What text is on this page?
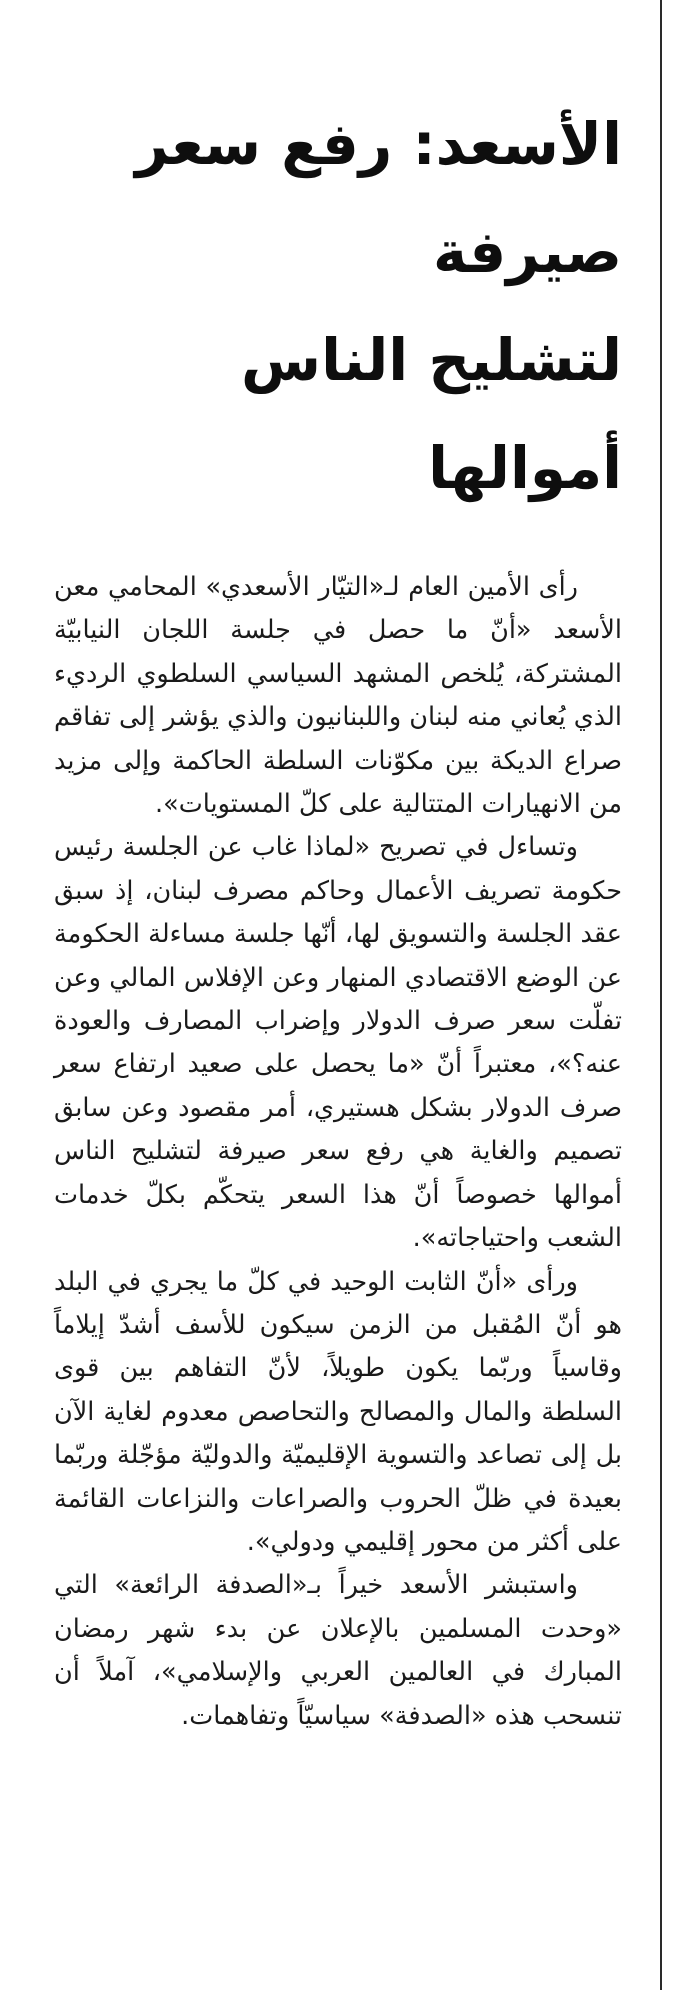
الأسعد: رفع سعر صيرفة
لتشليح الناس أموالها

رأى الأمين العام لـ«التيّار الأسعدي» المحامي معن الأسعد «أنّ ما حصل في جلسة اللجان النيابيّة المشتركة، يُلخص المشهد السياسي السلطوي الرديء الذي يُعاني منه لبنان واللبنانيون والذي يؤشر إلى تفاقم صراع الديكة بين مكوّنات السلطة الحاكمة وإلى مزيد من الانهيارات المتتالية على كلّ المستويات».

وتساءل في تصريح «لماذا غاب عن الجلسة رئيس حكومة تصريف الأعمال وحاكم مصرف لبنان، إذ سبق عقد الجلسة والتسويق لها، أنّها جلسة مساءلة الحكومة عن الوضع الاقتصادي المنهار وعن الإفلاس المالي وعن تفلّت سعر صرف الدولار وإضراب المصارف والعودة عنه؟»، معتبراً أنّ «ما يحصل على صعيد ارتفاع سعر صرف الدولار بشكل هستيري، أمر مقصود وعن سابق تصميم والغاية هي رفع سعر صيرفة لتشليح الناس أموالها خصوصاً أنّ هذا السعر يتحكّم بكلّ خدمات الشعب واحتياجاته».

ورأى «أنّ الثابت الوحيد في كلّ ما يجري في البلد هو أنّ المُقبل من الزمن سيكون للأسف أشدّ إيلاماً وقاسياً وربّما يكون طويلاً، لأنّ التفاهم بين قوى السلطة والمال والمصالح والتحاصص معدوم لغاية الآن بل إلى تصاعد والتسوية الإقليميّة والدوليّة مؤجّلة وربّما بعيدة في ظلّ الحروب والصراعات والنزاعات القائمة على أكثر من محور إقليمي ودولي».

واستبشر الأسعد خيراً بـ«الصدفة الرائعة» التي «وحدت المسلمين بالإعلان عن بدء شهر رمضان المبارك في العالمين العربي والإسلامي»، آملاً أن تنسحب هذه «الصدفة» سياسيّاً وتفاهمات.
